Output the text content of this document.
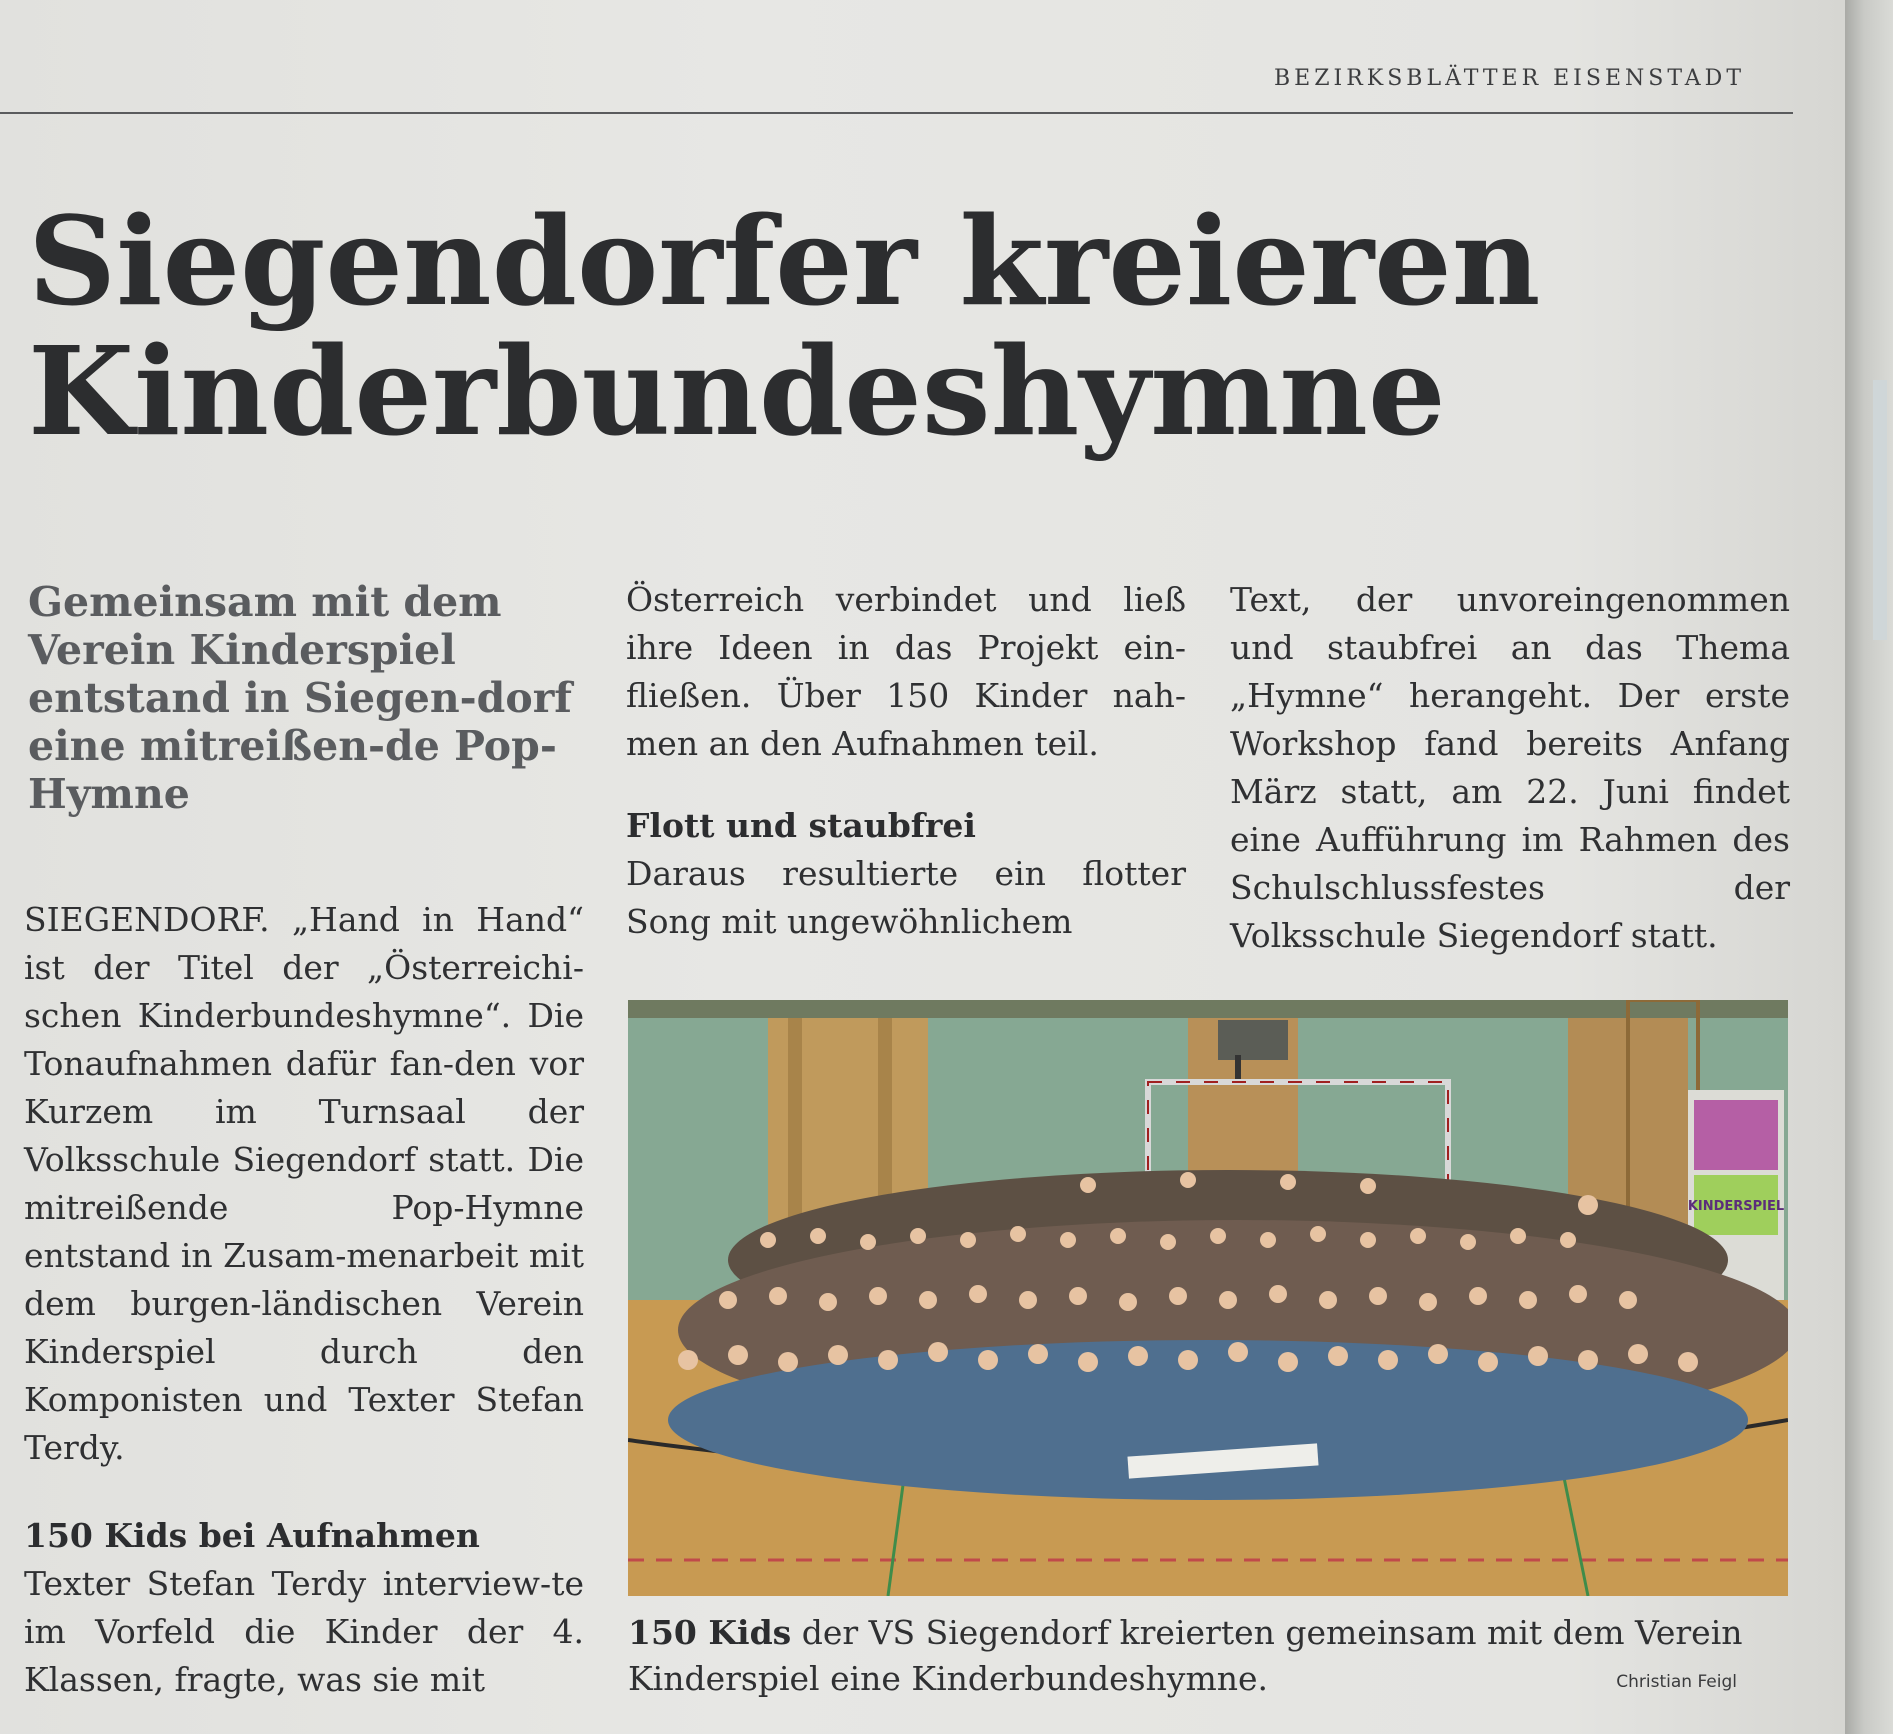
BEZIRKSBLÄTTER EISENSTADT
Siegendorfer kreieren
Kinderbundeshymne
Gemeinsam mit dem Verein Kinderspiel entstand in Siegen-dorf eine mitreißen-de Pop-Hymne

SIEGENDORF. „Hand in Hand“ ist der Titel der „Österreichi-schen Kinderbundeshymne“. Die Tonaufnahmen dafür fan-den vor Kurzem im Turnsaal der Volksschule Siegendorf statt. Die mitreißende Pop-Hymne entstand in Zusam-menarbeit mit dem burgen-ländischen Verein Kinderspiel durch den Komponisten und Texter Stefan Terdy.

150 Kids bei Aufnahmen

Texter Stefan Terdy interview-te im Vorfeld die Kinder der 4. Klassen, fragte, was sie mit

Österreich verbindet und ließ ihre Ideen in das Projekt ein-fließen. Über 150 Kinder nah-men an den Aufnahmen teil.

Flott und staubfrei

Daraus resultierte ein flotter Song mit ungewöhnlichem

Text, der unvoreingenommen und staubfrei an das Thema „Hymne“ herangeht. Der erste Workshop fand bereits Anfang März statt, am 22. Juni findet eine Aufführung im Rahmen des Schulschlussfestes der Volksschule Siegendorf statt.

KINDERSPIEL
150 Kids der VS Siegendorf kreierten gemeinsam mit dem Verein Kinderspiel eine Kinderbundeshymne.	Christian Feigl
